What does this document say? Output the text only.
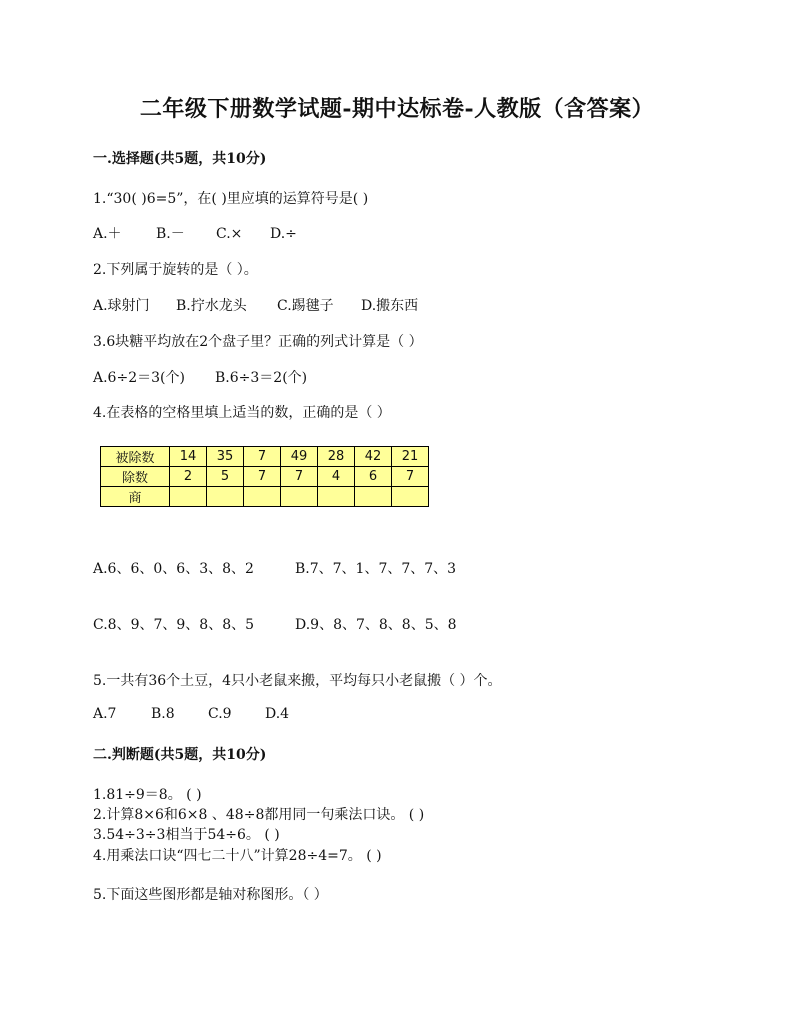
二年级下册数学试题-期中达标卷-人教版（含答案）
一.选择题(共5题，共10分)
1.“30( )6=5”，在( )里应填的运算符号是( )
A.＋ B.－ C.× D.÷
2.下列属于旋转的是（ ）。
A.球射门 B.拧水龙头 C.踢毽子 D.搬东西
3.6块糖平均放在2个盘子里？正确的列式计算是（ ）
A.6÷2＝3(个) B.6÷3＝2(个)
4.在表格的空格里填上适当的数，正确的是（ ）
被除数	14	35	7	49	28	42	21
除数	2	5	7	7	4	6	7
商							
A.6、6、0、6、3、8、2	B.7、7、1、7、7、7、3
C.8、9、7、9、8、8、5	D.9、8、7、8、8、5、8
5.一共有36个土豆，4只小老鼠来搬，平均每只小老鼠搬（ ）个。
A.7 B.8 C.9 D.4
二.判断题(共5题，共10分)
1.81÷9＝8。 ( )
2.计算8×6和6×8 、48÷8都用同一句乘法口诀。 ( )
3.54÷3÷3相当于54÷6。 ( )
4.用乘法口诀“四七二十八”计算28÷4=7。 ( )
5.下面这些图形都是轴对称图形。（ ）
